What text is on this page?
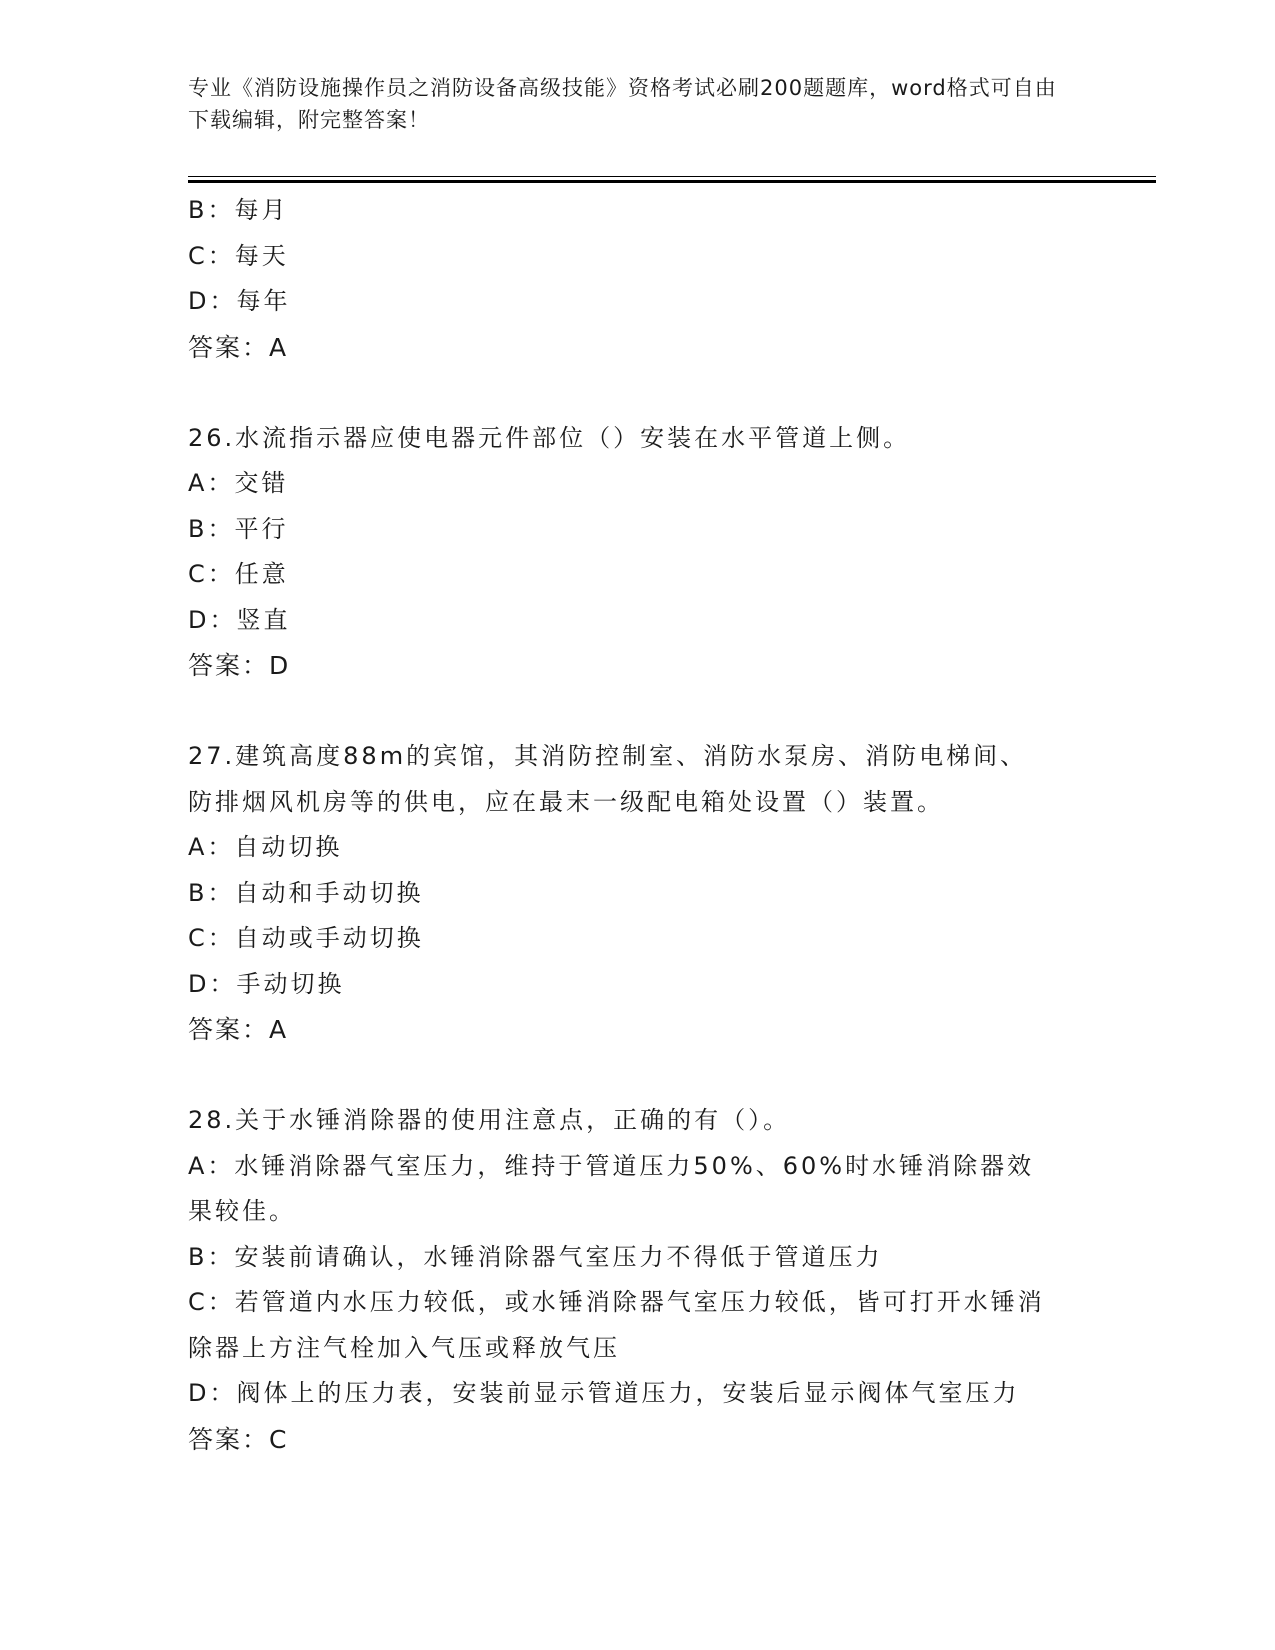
专业《消防设施操作员之消防设备高级技能》资格考试必刷200题题库，word格式可自由下载编辑，附完整答案！
B：每月
C：每天
D：每年
答案：A
26.水流指示器应使电器元件部位（）安装在水平管道上侧。
A：交错
B：平行
C：任意
D：竖直
答案：D
27.建筑高度88m的宾馆，其消防控制室、消防水泵房、消防电梯间、防排烟风机房等的供电，应在最末一级配电箱处设置（）装置。
A：自动切换
B：自动和手动切换
C：自动或手动切换
D：手动切换
答案：A
28.关于水锤消除器的使用注意点，正确的有（）。
A：水锤消除器气室压力，维持于管道压力50%、60%时水锤消除器效果较佳。
B：安装前请确认，水锤消除器气室压力不得低于管道压力
C：若管道内水压力较低，或水锤消除器气室压力较低，皆可打开水锤消除器上方注气栓加入气压或释放气压
D：阀体上的压力表，安装前显示管道压力，安装后显示阀体气室压力
答案：C
